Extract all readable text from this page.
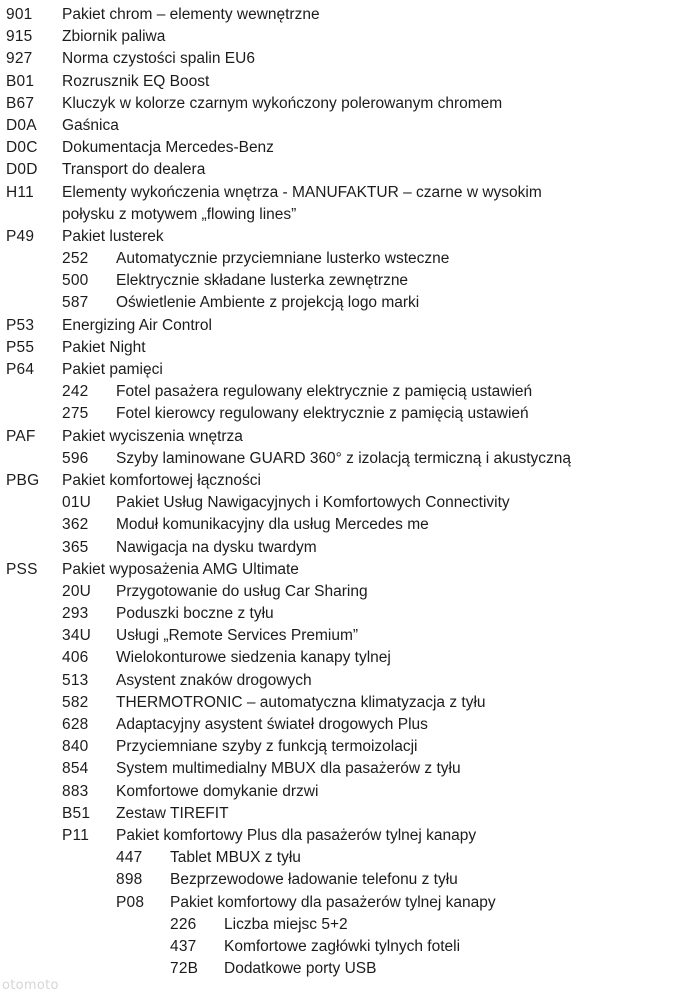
901 Pakiet chrom – elementy wewnętrzne
915 Zbiornik paliwa
927 Norma czystości spalin EU6
B01 Rozrusznik EQ Boost
B67 Kluczyk w kolorze czarnym wykończony polerowanym chromem
D0A Gaśnica
D0C Dokumentacja Mercedes-Benz
D0D Transport do dealera
H11 Elementy wykończenia wnętrza - MANUFAKTUR – czarne w wysokim połysku z motywem „flowing lines”
P49 Pakiet lusterek
252 Automatycznie przyciemniane lusterko wsteczne
500 Elektrycznie składane lusterka zewnętrzne
587 Oświetlenie Ambiente z projekcją logo marki
P53 Energizing Air Control
P55 Pakiet Night
P64 Pakiet pamięci
242 Fotel pasażera regulowany elektrycznie z pamięcią ustawień
275 Fotel kierowcy regulowany elektrycznie z pamięcią ustawień
PAF Pakiet wyciszenia wnętrza
596 Szyby laminowane GUARD 360° z izolacją termiczną i akustyczną
PBG Pakiet komfortowej łączności
01U Pakiet Usług Nawigacyjnych i Komfortowych Connectivity
362 Moduł komunikacyjny dla usług Mercedes me
365 Nawigacja na dysku twardym
PSS Pakiet wyposażenia AMG Ultimate
20U Przygotowanie do usług Car Sharing
293 Poduszki boczne z tyłu
34U Usługi „Remote Services Premium”
406 Wielokonturowe siedzenia kanapy tylnej
513 Asystent znaków drogowych
582 THERMOTRONIC – automatyczna klimatyzacja z tyłu
628 Adaptacyjny asystent świateł drogowych Plus
840 Przyciemniane szyby z funkcją termoizolacji
854 System multimedialny MBUX dla pasażerów z tyłu
883 Komfortowe domykanie drzwi
B51 Zestaw TIREFIT
P11 Pakiet komfortowy Plus dla pasażerów tylnej kanapy
447 Tablet MBUX z tyłu
898 Bezprzewodowe ładowanie telefonu z tyłu
P08 Pakiet komfortowy dla pasażerów tylnej kanapy
226 Liczba miejsc 5+2
437 Komfortowe zagłówki tylnych foteli
72B Dodatkowe porty USB
otomoto
